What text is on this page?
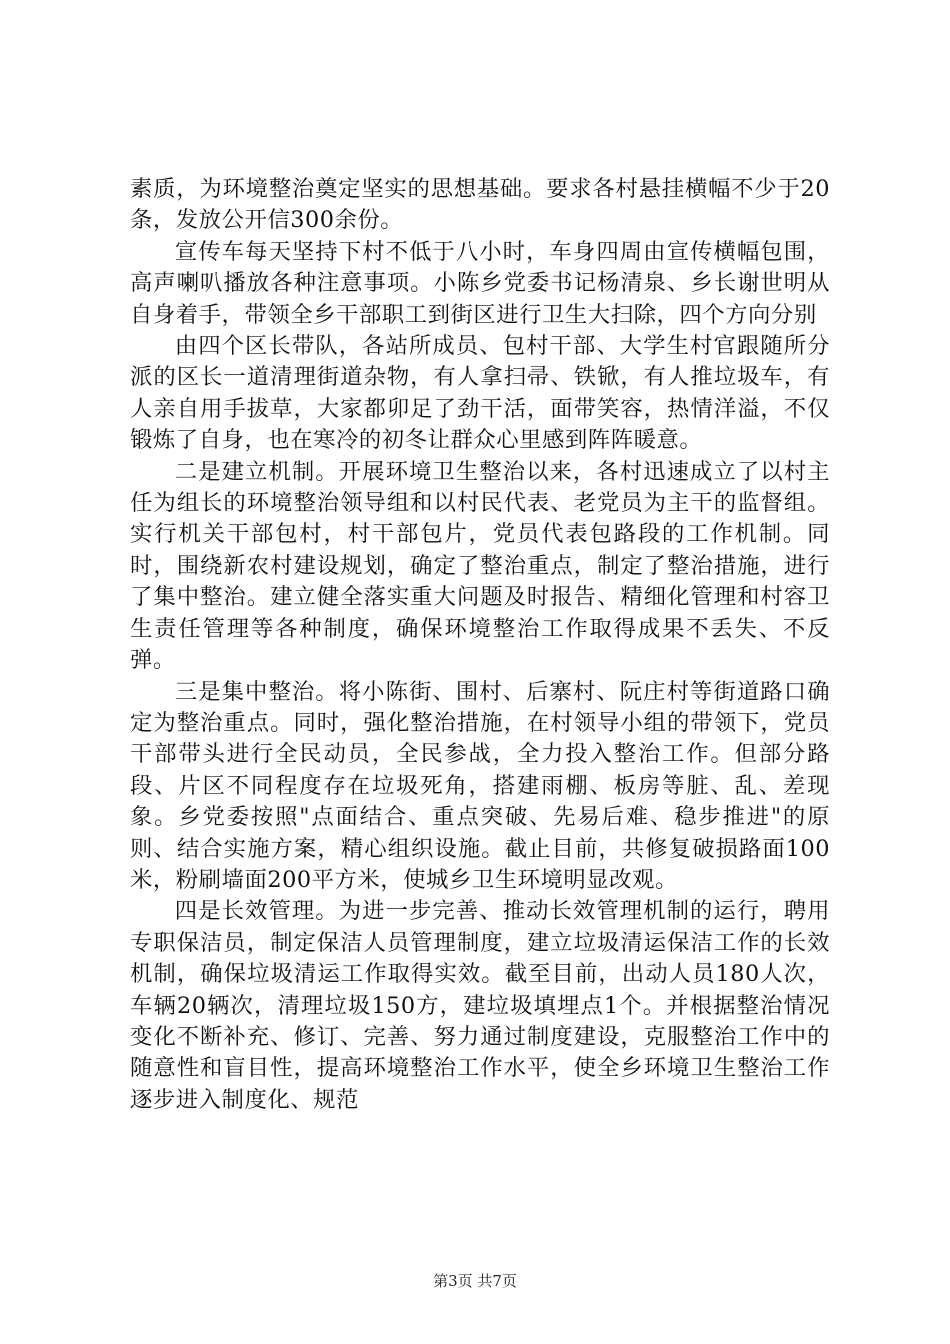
素质，为环境整治奠定坚实的思想基础。要求各村悬挂横幅不少于20条，发放公开信300余份。

宣传车每天坚持下村不低于八小时，车身四周由宣传横幅包围，高声喇叭播放各种注意事项。小陈乡党委书记杨清泉、乡长谢世明从自身着手，带领全乡干部职工到街区进行卫生大扫除，四个方向分别

由四个区长带队，各站所成员、包村干部、大学生村官跟随所分派的区长一道清理街道杂物，有人拿扫帚、铁锨，有人推垃圾车，有人亲自用手拔草，大家都卯足了劲干活，面带笑容，热情洋溢，不仅锻炼了自身，也在寒冷的初冬让群众心里感到阵阵暖意。

二是建立机制。开展环境卫生整治以来，各村迅速成立了以村主任为组长的环境整治领导组和以村民代表、老党员为主干的监督组。实行机关干部包村，村干部包片，党员代表包路段的工作机制。同时，围绕新农村建设规划，确定了整治重点，制定了整治措施，进行了集中整治。建立健全落实重大问题及时报告、精细化管理和村容卫生责任管理等各种制度，确保环境整治工作取得成果不丢失、不反弹。

三是集中整治。将小陈街、围村、后寨村、阮庄村等街道路口确定为整治重点。同时，强化整治措施，在村领导小组的带领下，党员干部带头进行全民动员，全民参战，全力投入整治工作。但部分路段、片区不同程度存在垃圾死角，搭建雨棚、板房等脏、乱、差现象。乡党委按照"点面结合、重点突破、先易后难、稳步推进"的原则、结合实施方案，精心组织设施。截止目前，共修复破损路面100米，粉刷墙面200平方米，使城乡卫生环境明显改观。

四是长效管理。为进一步完善、推动长效管理机制的运行，聘用专职保洁员，制定保洁人员管理制度，建立垃圾清运保洁工作的长效机制，确保垃圾清运工作取得实效。截至目前，出动人员180人次，车辆20辆次，清理垃圾150方，建垃圾填埋点1个。并根据整治情况变化不断补充、修订、完善、努力通过制度建设，克服整治工作中的随意性和盲目性，提高环境整治工作水平，使全乡环境卫生整治工作逐步进入制度化、规范

第3页 共7页
